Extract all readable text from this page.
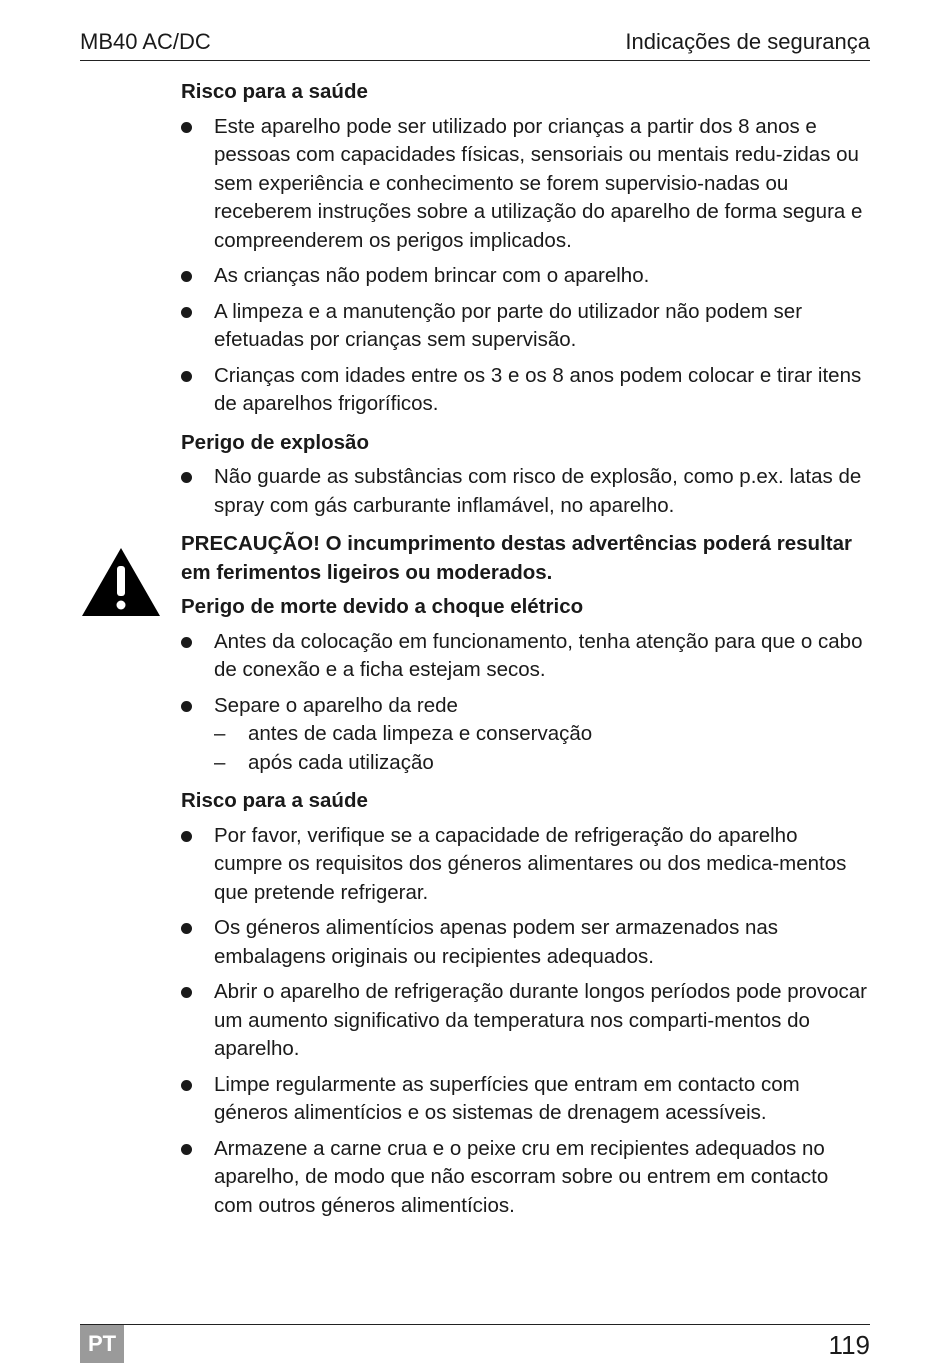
MB40 AC/DC	Indicações de segurança
Risco para a saúde
Este aparelho pode ser utilizado por crianças a partir dos 8 anos e pessoas com capacidades físicas, sensoriais ou mentais redu-zidas ou sem experiência e conhecimento se forem supervisio-nadas ou receberem instruções sobre a utilização do aparelho de forma segura e compreenderem os perigos implicados.
As crianças não podem brincar com o aparelho.
A limpeza e a manutenção por parte do utilizador não podem ser efetuadas por crianças sem supervisão.
Crianças com idades entre os 3 e os 8 anos podem colocar e tirar itens de aparelhos frigoríficos.
Perigo de explosão
Não guarde as substâncias com risco de explosão, como p.ex. latas de spray com gás carburante inflamável, no aparelho.
PRECAUÇÃO! O incumprimento destas advertências poderá resultar em ferimentos ligeiros ou moderados.
Perigo de morte devido a choque elétrico
Antes da colocação em funcionamento, tenha atenção para que o cabo de conexão e a ficha estejam secos.
Separe o aparelho da rede
– antes de cada limpeza e conservação
– após cada utilização
Risco para a saúde
Por favor, verifique se a capacidade de refrigeração do aparelho cumpre os requisitos dos géneros alimentares ou dos medica-mentos que pretende refrigerar.
Os géneros alimentícios apenas podem ser armazenados nas embalagens originais ou recipientes adequados.
Abrir o aparelho de refrigeração durante longos períodos pode provocar um aumento significativo da temperatura nos comparti-mentos do aparelho.
Limpe regularmente as superfícies que entram em contacto com géneros alimentícios e os sistemas de drenagem acessíveis.
Armazene a carne crua e o peixe cru em recipientes adequados no aparelho, de modo que não escorram sobre ou entrem em contacto com outros géneros alimentícios.
PT	119
